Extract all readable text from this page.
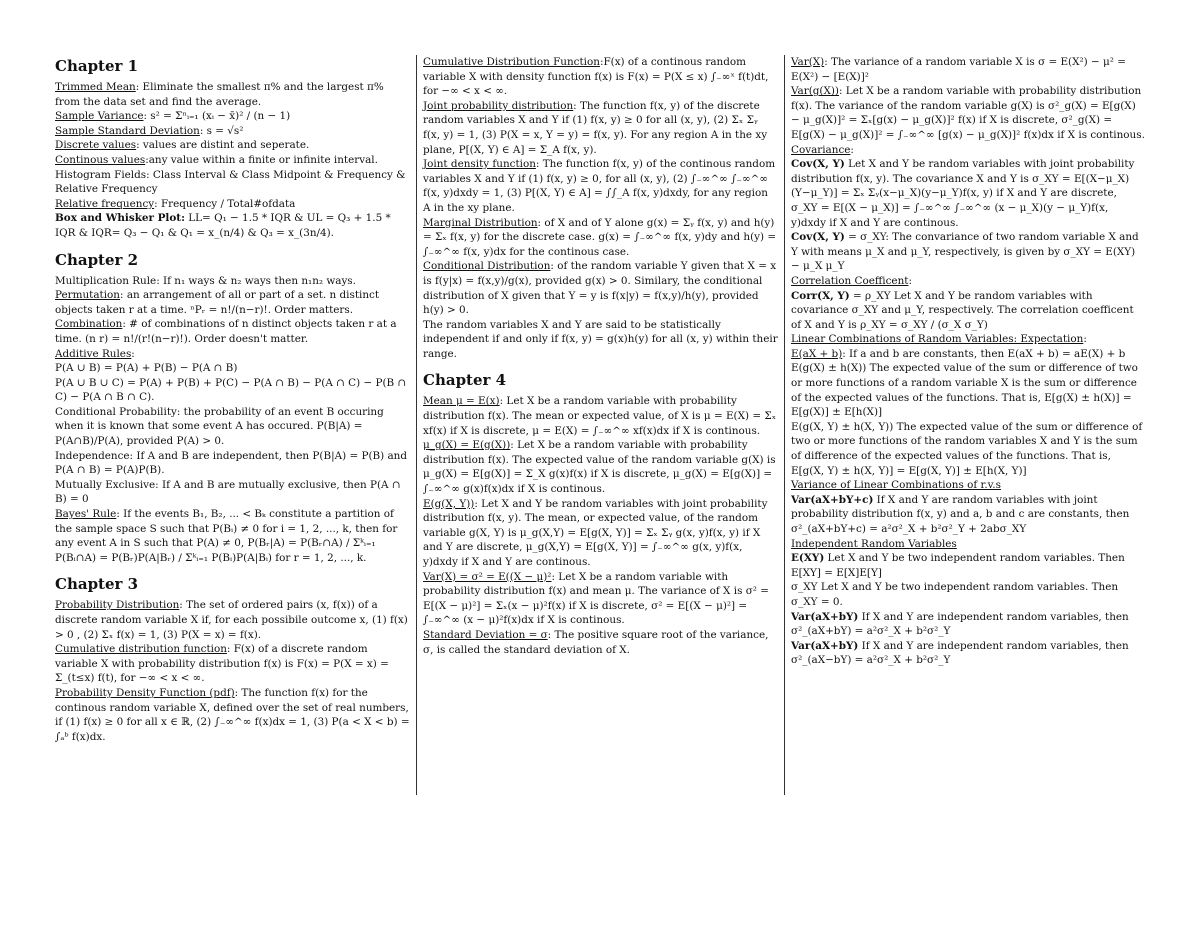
Chapter 1

Trimmed Mean: Eliminate the smallest π% and the largest π% from the data set and find the average.

Sample Variance: s² = Σⁿᵢ₌₁ (xᵢ − x̄)² / (n − 1)

Sample Standard Deviation: s = √s²

Discrete values: values are distint and seperate.

Continous values:any value within a finite or infinite interval.

Histogram Fields: Class Interval & Class Midpoint & Frequency & Relative Frequency

Relative frequency: Frequency / Total#ofdata

Box and Whisker Plot: LL= Q₁ − 1.5 * IQR & UL = Q₃ + 1.5 * IQR & IQR= Q₃ − Q₁ & Q₁ = x_(n/4) & Q₃ = x_(3n/4).

Chapter 2

Multiplication Rule: If n₁ ways & n₂ ways then n₁n₂ ways.

Permutation: an arrangement of all or part of a set. n distinct objects taken r at a time. ⁿPᵣ = n!/(n−r)!. Order matters.

Combination: # of combinations of n distinct objects taken r at a time. (n r) = n!/(r!(n−r)!). Order doesn't matter.

Additive Rules:

P(A ∪ B) = P(A) + P(B) − P(A ∩ B)

P(A ∪ B ∪ C) = P(A) + P(B) + P(C) − P(A ∩ B) − P(A ∩ C) − P(B ∩ C) − P(A ∩ B ∩ C).

Conditional Probability: the probability of an event B occuring when it is known that some event A has occured. P(B|A) = P(A∩B)/P(A), provided P(A) > 0.

Independence: If A and B are independent, then P(B|A) = P(B) and P(A ∩ B) = P(A)P(B).

Mutually Exclusive: If A and B are mutually exclusive, then P(A ∩ B) = 0

Bayes' Rule: If the events B₁, B₂, ... < Bₖ constitute a partition of the sample space S such that P(Bᵢ) ≠ 0 for i = 1, 2, ..., k, then for any event A in S such that P(A) ≠ 0, P(Bᵣ|A) = P(Bᵣ∩A) / Σᵏᵢ₌₁ P(Bᵢ∩A) = P(Bᵣ)P(A|Bᵣ) / Σᵏᵢ₌₁ P(Bᵢ)P(A|Bᵢ) for r = 1, 2, ..., k.

Chapter 3

Probability Distribution: The set of ordered pairs (x, f(x)) of a discrete random variable X if, for each possibile outcome x, (1) f(x) > 0 , (2) Σₓ f(x) = 1, (3) P(X = x) = f(x).

Cumulative distribution function: F(x) of a discrete random variable X with probability distribution f(x) is F(x) = P(X = x) = Σ_(t≤x) f(t), for −∞ < x < ∞.

Probability Density Function (pdf): The function f(x) for the continous random variable X, defined over the set of real numbers, if (1) f(x) ≥ 0 for all x ∈ ℝ, (2) ∫₋∞^∞ f(x)dx = 1, (3) P(a < X < b) = ∫ₐᵇ f(x)dx.

Cumulative Distribution Function:F(x) of a continous random variable X with density function f(x) is F(x) = P(X ≤ x) ∫₋∞ˣ f(t)dt, for −∞ < x < ∞.

Joint probability distribution: The function f(x, y) of the discrete random variables X and Y if (1) f(x, y) ≥ 0 for all (x, y), (2) Σₓ Σᵧ f(x, y) = 1, (3) P(X = x, Y = y) = f(x, y). For any region A in the xy plane, P[(X, Y) ∈ A] = Σ_A f(x, y).

Joint density function: The function f(x, y) of the continous random variables X and Y if (1) f(x, y) ≥ 0, for all (x, y), (2) ∫₋∞^∞ ∫₋∞^∞ f(x, y)dxdy = 1, (3) P[(X, Y) ∈ A] = ∫∫_A f(x, y)dxdy, for any region A in the xy plane.

Marginal Distribution: of X and of Y alone g(x) = Σᵧ f(x, y) and h(y) = Σₓ f(x, y) for the discrete case. g(x) = ∫₋∞^∞ f(x, y)dy and h(y) = ∫₋∞^∞ f(x, y)dx for the continous case.

Conditional Distribution: of the random variable Y given that X = x is f(y|x) = f(x,y)/g(x), provided g(x) > 0. Similary, the conditional distribution of X given that Y = y is f(x|y) = f(x,y)/h(y), provided h(y) > 0.

The random variables X and Y are said to be statistically independent if and only if f(x, y) = g(x)h(y) for all (x, y) within their range.

Chapter 4

Mean μ = E(x): Let X be a random variable with probability distribution f(x). The mean or expected value, of X is μ = E(X) = Σₓ xf(x) if X is discrete, μ = E(X) = ∫₋∞^∞ xf(x)dx if X is continous.

μ_g(X) = E(g(X)): Let X be a random variable with probability distribution f(x). The expected value of the random variable g(X) is μ_g(X) = E[g(X)] = Σ_X g(x)f(x) if X is discrete, μ_g(X) = E[g(X)] = ∫₋∞^∞ g(x)f(x)dx if X is continous.

E(g(X, Y)): Let X and Y be random variables with joint probability distribution f(x, y). The mean, or expected value, of the random variable g(X, Y) is μ_g(X,Y) = E[g(X, Y)] = Σₓ Σᵧ g(x, y)f(x, y) if X and Y are discrete, μ_g(X,Y) = E[g(X, Y)] = ∫₋∞^∞ g(x, y)f(x, y)dxdy if X and Y are continous.

Var(X) = σ² = E((X − μ)²: Let X be a random variable with probability distribution f(x) and mean μ. The variance of X is σ² = E[(X − μ)²] = Σₓ(x − μ)²f(x) if X is discrete, σ² = E[(X − μ)²] = ∫₋∞^∞ (x − μ)²f(x)dx if X is continous.

Standard Deviation = σ: The positive square root of the variance, σ, is called the standard deviation of X.

Var(X): The variance of a random variable X is σ = E(X²) − μ² = E(X²) − [E(X)]²

Var(g(X)): Let X be a random variable with probability distribution f(x). The variance of the random variable g(X) is σ²_g(X) = E[g(X) − μ_g(X)]² = Σₓ[g(x) − μ_g(X)]² f(x) if X is discrete, σ²_g(X) = E[g(X) − μ_g(X)]² = ∫₋∞^∞ [g(x) − μ_g(X)]² f(x)dx if X is continous.

Covariance:

Cov(X, Y) Let X and Y be random variables with joint probability distribution f(x, y). The covariance X and Y is σ_XY = E[(X−μ_X)(Y−μ_Y)] = Σₓ Σᵧ(x−μ_X)(y−μ_Y)f(x, y) if X and Y are discrete, σ_XY = E[(X − μ_X)] = ∫₋∞^∞ ∫₋∞^∞ (x − μ_X)(y − μ_Y)f(x, y)dxdy if X and Y are continous.

Cov(X, Y) = σ_XY: The convariance of two random variable X and Y with means μ_X and μ_Y, respectively, is given by σ_XY = E(XY) − μ_X μ_Y

Correlation Coefficent:

Corr(X, Y) = ρ_XY Let X and Y be random variables with covariance σ_XY and μ_Y, respectively. The correlation coefficent of X and Y is ρ_XY = σ_XY / (σ_X σ_Y)

Linear Combinations of Random Variables: Expectation:

E(aX + b): If a and b are constants, then E(aX + b) = aE(X) + b

E(g(X) ± h(X)) The expected value of the sum or difference of two or more functions of a random variable X is the sum or difference of the expected values of the functions. That is, E[g(X) ± h(X)] = E[g(X)] ± E[h(X)]

E(g(X, Y) ± h(X, Y)) The expected value of the sum or difference of two or more functions of the random variables X and Y is the sum of difference of the expected values of the functions. That is, E[g(X, Y) ± h(X, Y)] = E[g(X, Y)] ± E[h(X, Y)]

Variance of Linear Combinations of r.v.s

Var(aX+bY+c) If X and Y are random variables with joint probability distribution f(x, y) and a, b and c are constants, then σ²_(aX+bY+c) = a²σ²_X + b²σ²_Y + 2abσ_XY

Independent Random Variables

E(XY) Let X and Y be two independent random variables. Then E[XY] = E[X]E[Y]

σ_XY Let X and Y be two independent random variables. Then σ_XY = 0.

Var(aX+bY) If X and Y are independent random variables, then σ²_(aX+bY) = a²σ²_X + b²σ²_Y

Var(aX+bY) If X and Y are independent random variables, then σ²_(aX−bY) = a²σ²_X + b²σ²_Y
